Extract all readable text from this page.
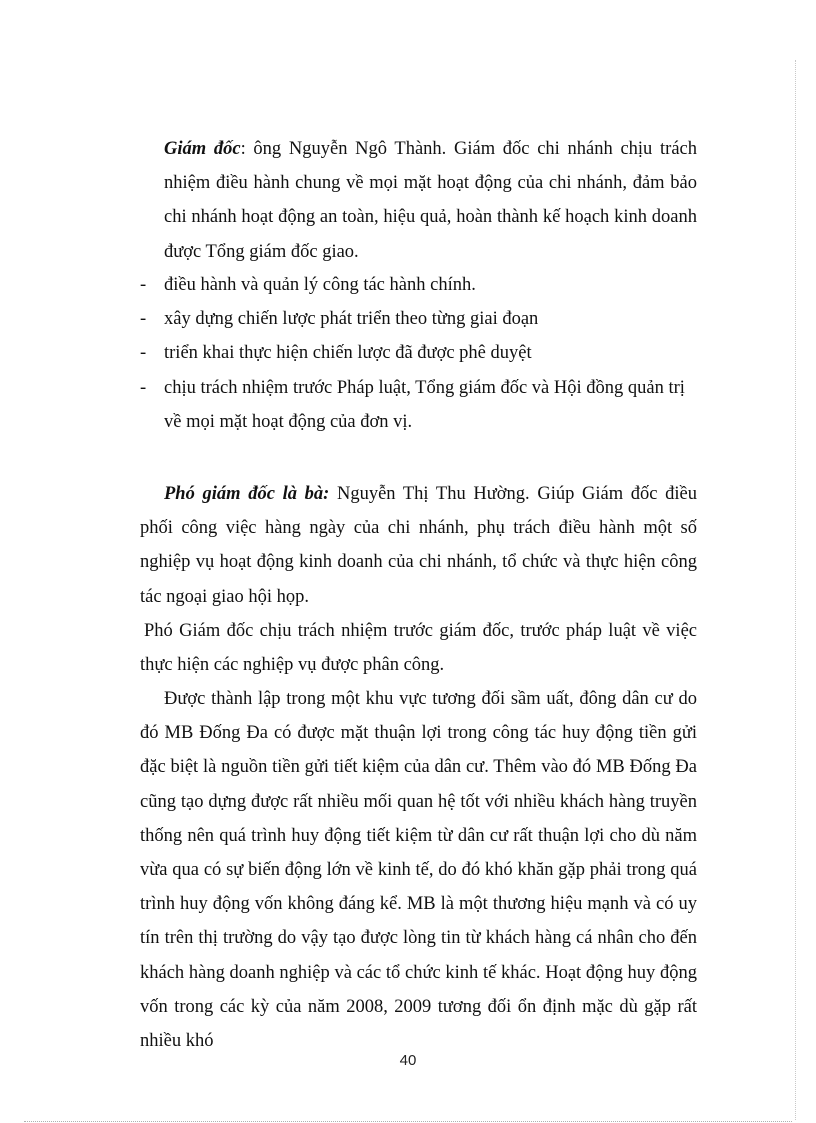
Giám đốc: ông Nguyễn Ngô Thành. Giám đốc chi nhánh chịu trách nhiệm điều hành chung về mọi mặt hoạt động của chi nhánh, đảm bảo chi nhánh hoạt động an toàn, hiệu quả, hoàn thành kế hoạch kinh doanh được Tổng giám đốc giao.

- điều hành và quản lý công tác hành chính.
- xây dựng chiến lược phát triển theo từng giai đoạn
- triển khai thực hiện chiến lược đã được phê duyệt
- chịu trách nhiệm trước Pháp luật, Tổng giám đốc và Hội đồng quản trị về mọi mặt hoạt động của đơn vị.

Phó giám đốc là bà: Nguyễn Thị Thu Hường. Giúp Giám đốc điều phối công việc hàng ngày của chi nhánh, phụ trách điều hành một số nghiệp vụ hoạt động kinh doanh của chi nhánh, tổ chức và thực hiện công tác ngoại giao hội họp.

Phó Giám đốc chịu trách nhiệm trước giám đốc, trước pháp luật về việc thực hiện các nghiệp vụ được phân công.

Được thành lập trong một khu vực tương đối sầm uất, đông dân cư do đó MB Đống Đa có được mặt thuận lợi trong công tác huy động tiền gửi đặc biệt là nguồn tiền gửi tiết kiệm của dân cư. Thêm vào đó MB Đống Đa cũng tạo dựng được rất nhiều mối quan hệ tốt với nhiều khách hàng truyền thống nên quá trình huy động tiết kiệm từ dân cư rất thuận lợi cho dù năm vừa qua có sự biến động lớn về kinh tế, do đó khó khăn gặp phải trong quá trình huy động vốn không đáng kể. MB là một thương hiệu mạnh và có uy tín trên thị trường do vậy tạo được lòng tin từ khách hàng cá nhân cho đến khách hàng doanh nghiệp và các tổ chức kinh tế khác. Hoạt động huy động vốn trong các kỳ của năm 2008, 2009 tương đối ổn định mặc dù gặp rất nhiều khó

40
